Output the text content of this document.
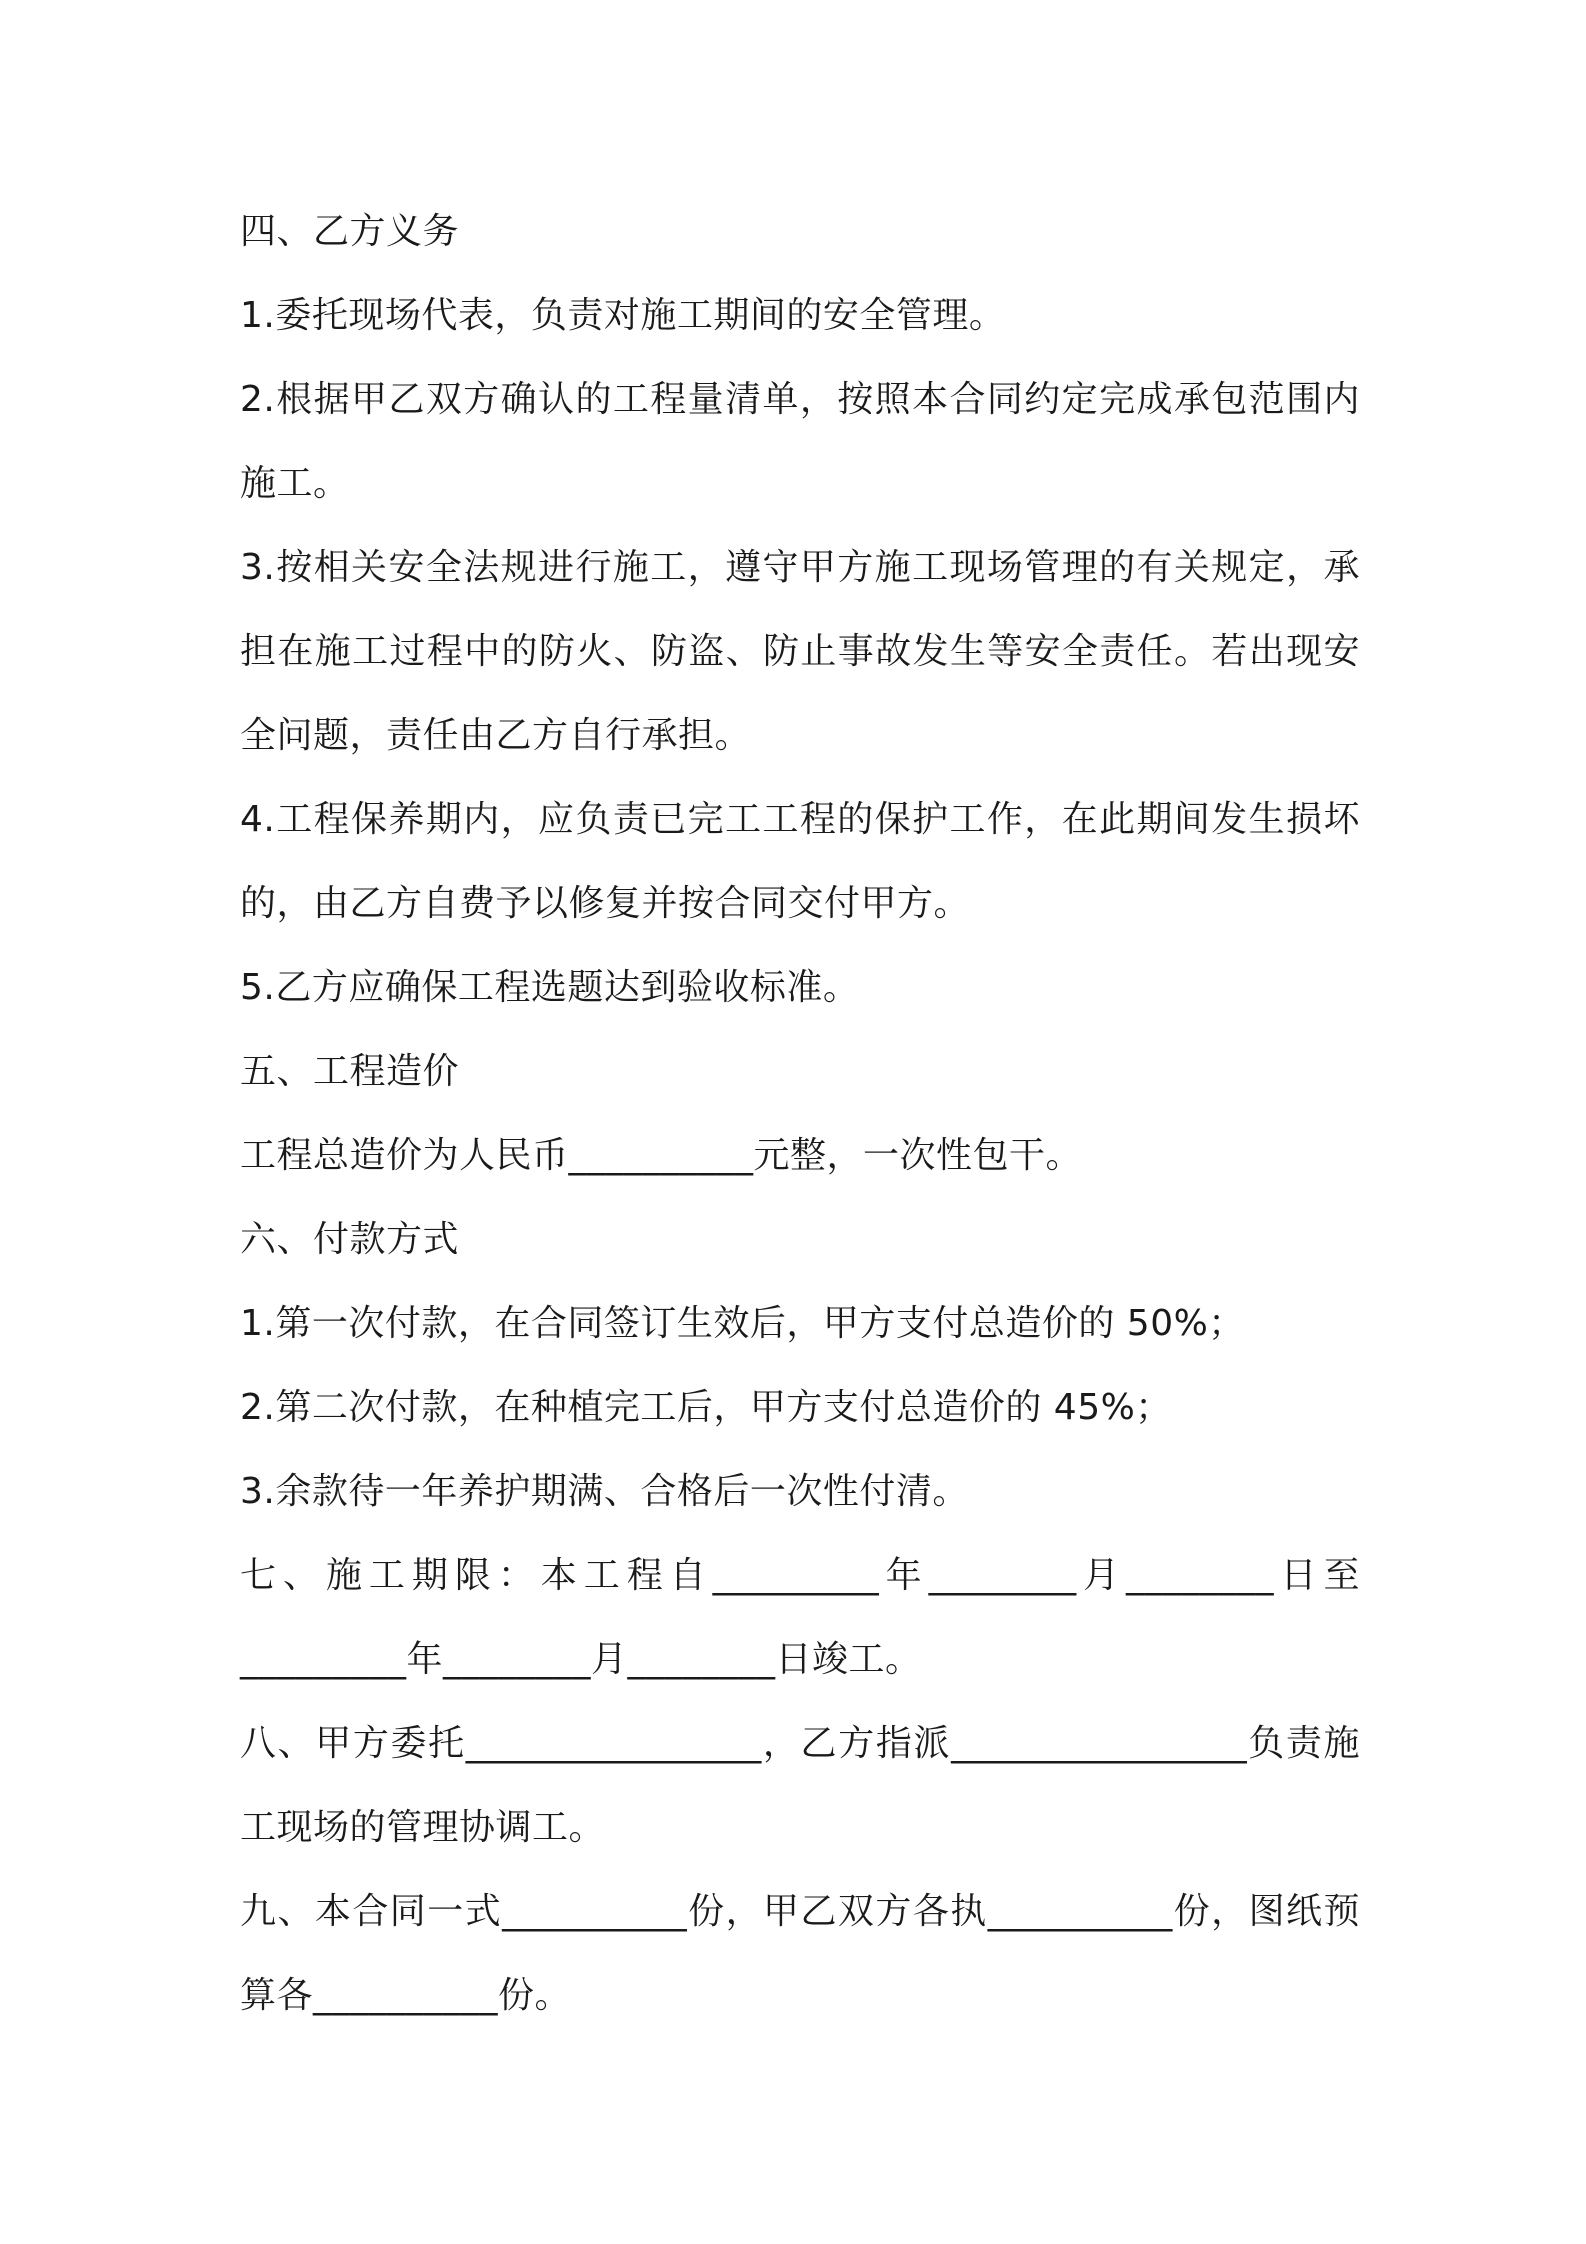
四、乙方义务
1.委托现场代表，负责对施工期间的安全管理。
2.根据甲乙双方确认的工程量清单，按照本合同约定完成承包范围内
施工。
3.按相关安全法规进行施工，遵守甲方施工现场管理的有关规定，承
担在施工过程中的防火、防盗、防止事故发生等安全责任。若出现安
全问题，责任由乙方自行承担。
4.工程保养期内，应负责已完工工程的保护工作，在此期间发生损坏
的，由乙方自费予以修复并按合同交付甲方。
5.乙方应确保工程选题达到验收标准。
五、工程造价
工程总造价为人民币__________元整，一次性包干。
六、付款方式
1.第一次付款，在合同签订生效后，甲方支付总造价的 50%；
2.第二次付款，在种植完工后，甲方支付总造价的 45%；
3.余款待一年养护期满、合格后一次性付清。
七、施工期限：本工程自_________年________月________日至
_________年________月________日竣工。
八、甲方委托________________，乙方指派________________负责施
工现场的管理协调工。
九、本合同一式__________份，甲乙双方各执__________份，图纸预
算各__________份。
